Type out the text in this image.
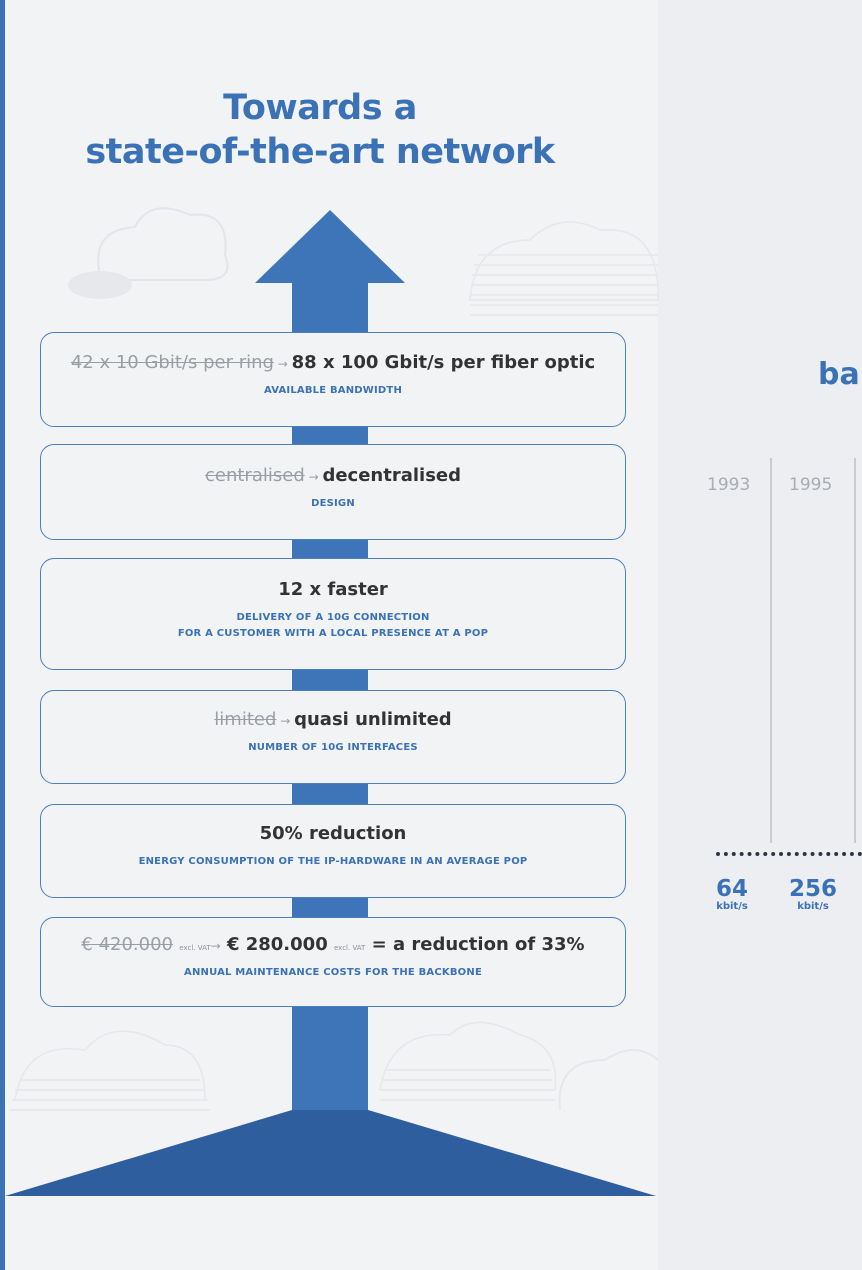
Towards a
state-of-the-art network
42 x 10 Gbit/s per ring → 88 x 100 Gbit/s per fiber optic
AVAILABLE BANDWIDTH
centralised → decentralised
DESIGN
12 x faster
DELIVERY OF A 10G CONNECTION
FOR A CUSTOMER WITH A LOCAL PRESENCE AT A POP
limited → quasi unlimited
NUMBER OF 10G INTERFACES
50% reduction
ENERGY CONSUMPTION OF THE IP-HARDWARE IN AN AVERAGE POP
€ 420.000 excl. VAT→ € 280.000 excl. VAT = a reduction of 33%
ANNUAL MAINTENANCE COSTS FOR THE BACKBONE
ba
1993 1995
64
kbit/s
256
kbit/s
